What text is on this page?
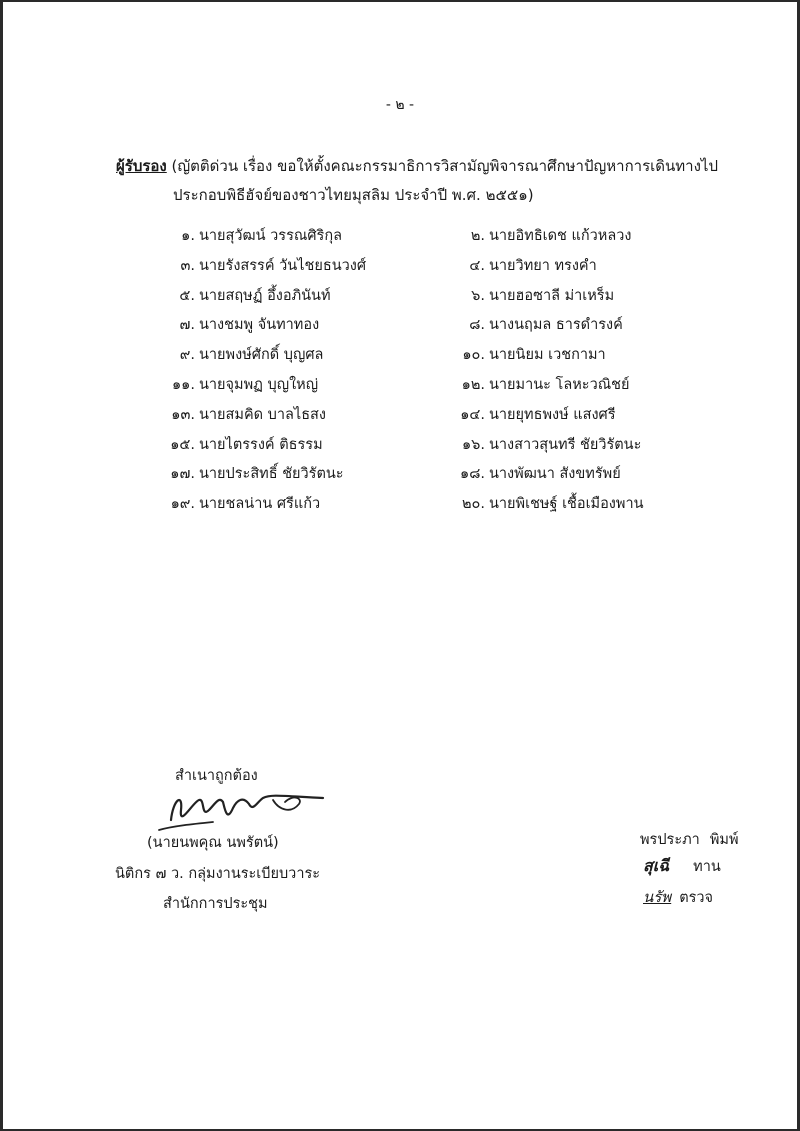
- ๒ -
ผู้รับรอง (ญัตติด่วน เรื่อง ขอให้ตั้งคณะกรรมาธิการวิสามัญพิจารณาศึกษาปัญหาการเดินทางไป
ประกอบพิธีฮัจย์ของชาวไทยมุสลิม ประจำปี พ.ศ. ๒๕๕๑)
๑. นายสุวัฒน์ วรรณศิริกุล
๓. นายรังสรรค์ วันไชยธนวงศ์
๕. นายสฤษฏ์ อึ้งอภินันท์
๗. นางชมพู จันทาทอง
๙. นายพงษ์ศักดิ์ บุญศล
๑๑. นายจุมพฏ บุญใหญ่
๑๓. นายสมคิด บาลไธสง
๑๕. นายไตรรงค์ ติธรรม
๑๗. นายประสิทธิ์ ชัยวิรัตนะ
๑๙. นายชลน่าน ศรีแก้ว
๒. นายอิทธิเดช แก้วหลวง
๔. นายวิทยา ทรงคำ
๖. นายฮอซาลี ม่าเหร็ม
๘. นางนฤมล ธารดำรงค์
๑๐. นายนิยม เวชกามา
๑๒. นายมานะ โลหะวณิชย์
๑๔. นายยุทธพงษ์ แสงศรี
๑๖. นางสาวสุนทรี ชัยวิรัตนะ
๑๘. นางพัฒนา สังขทรัพย์
๒๐. นายพิเชษฐ์ เชื้อเมืองพาน
สำเนาถูกต้อง
(นายนพคุณ นพรัตน์)
นิติกร ๗ ว. กลุ่มงานระเบียบวาระ
สำนักการประชุม
พรประภา พิมพ์
สุเฉี ทาน
นรัพ ตรวจ
